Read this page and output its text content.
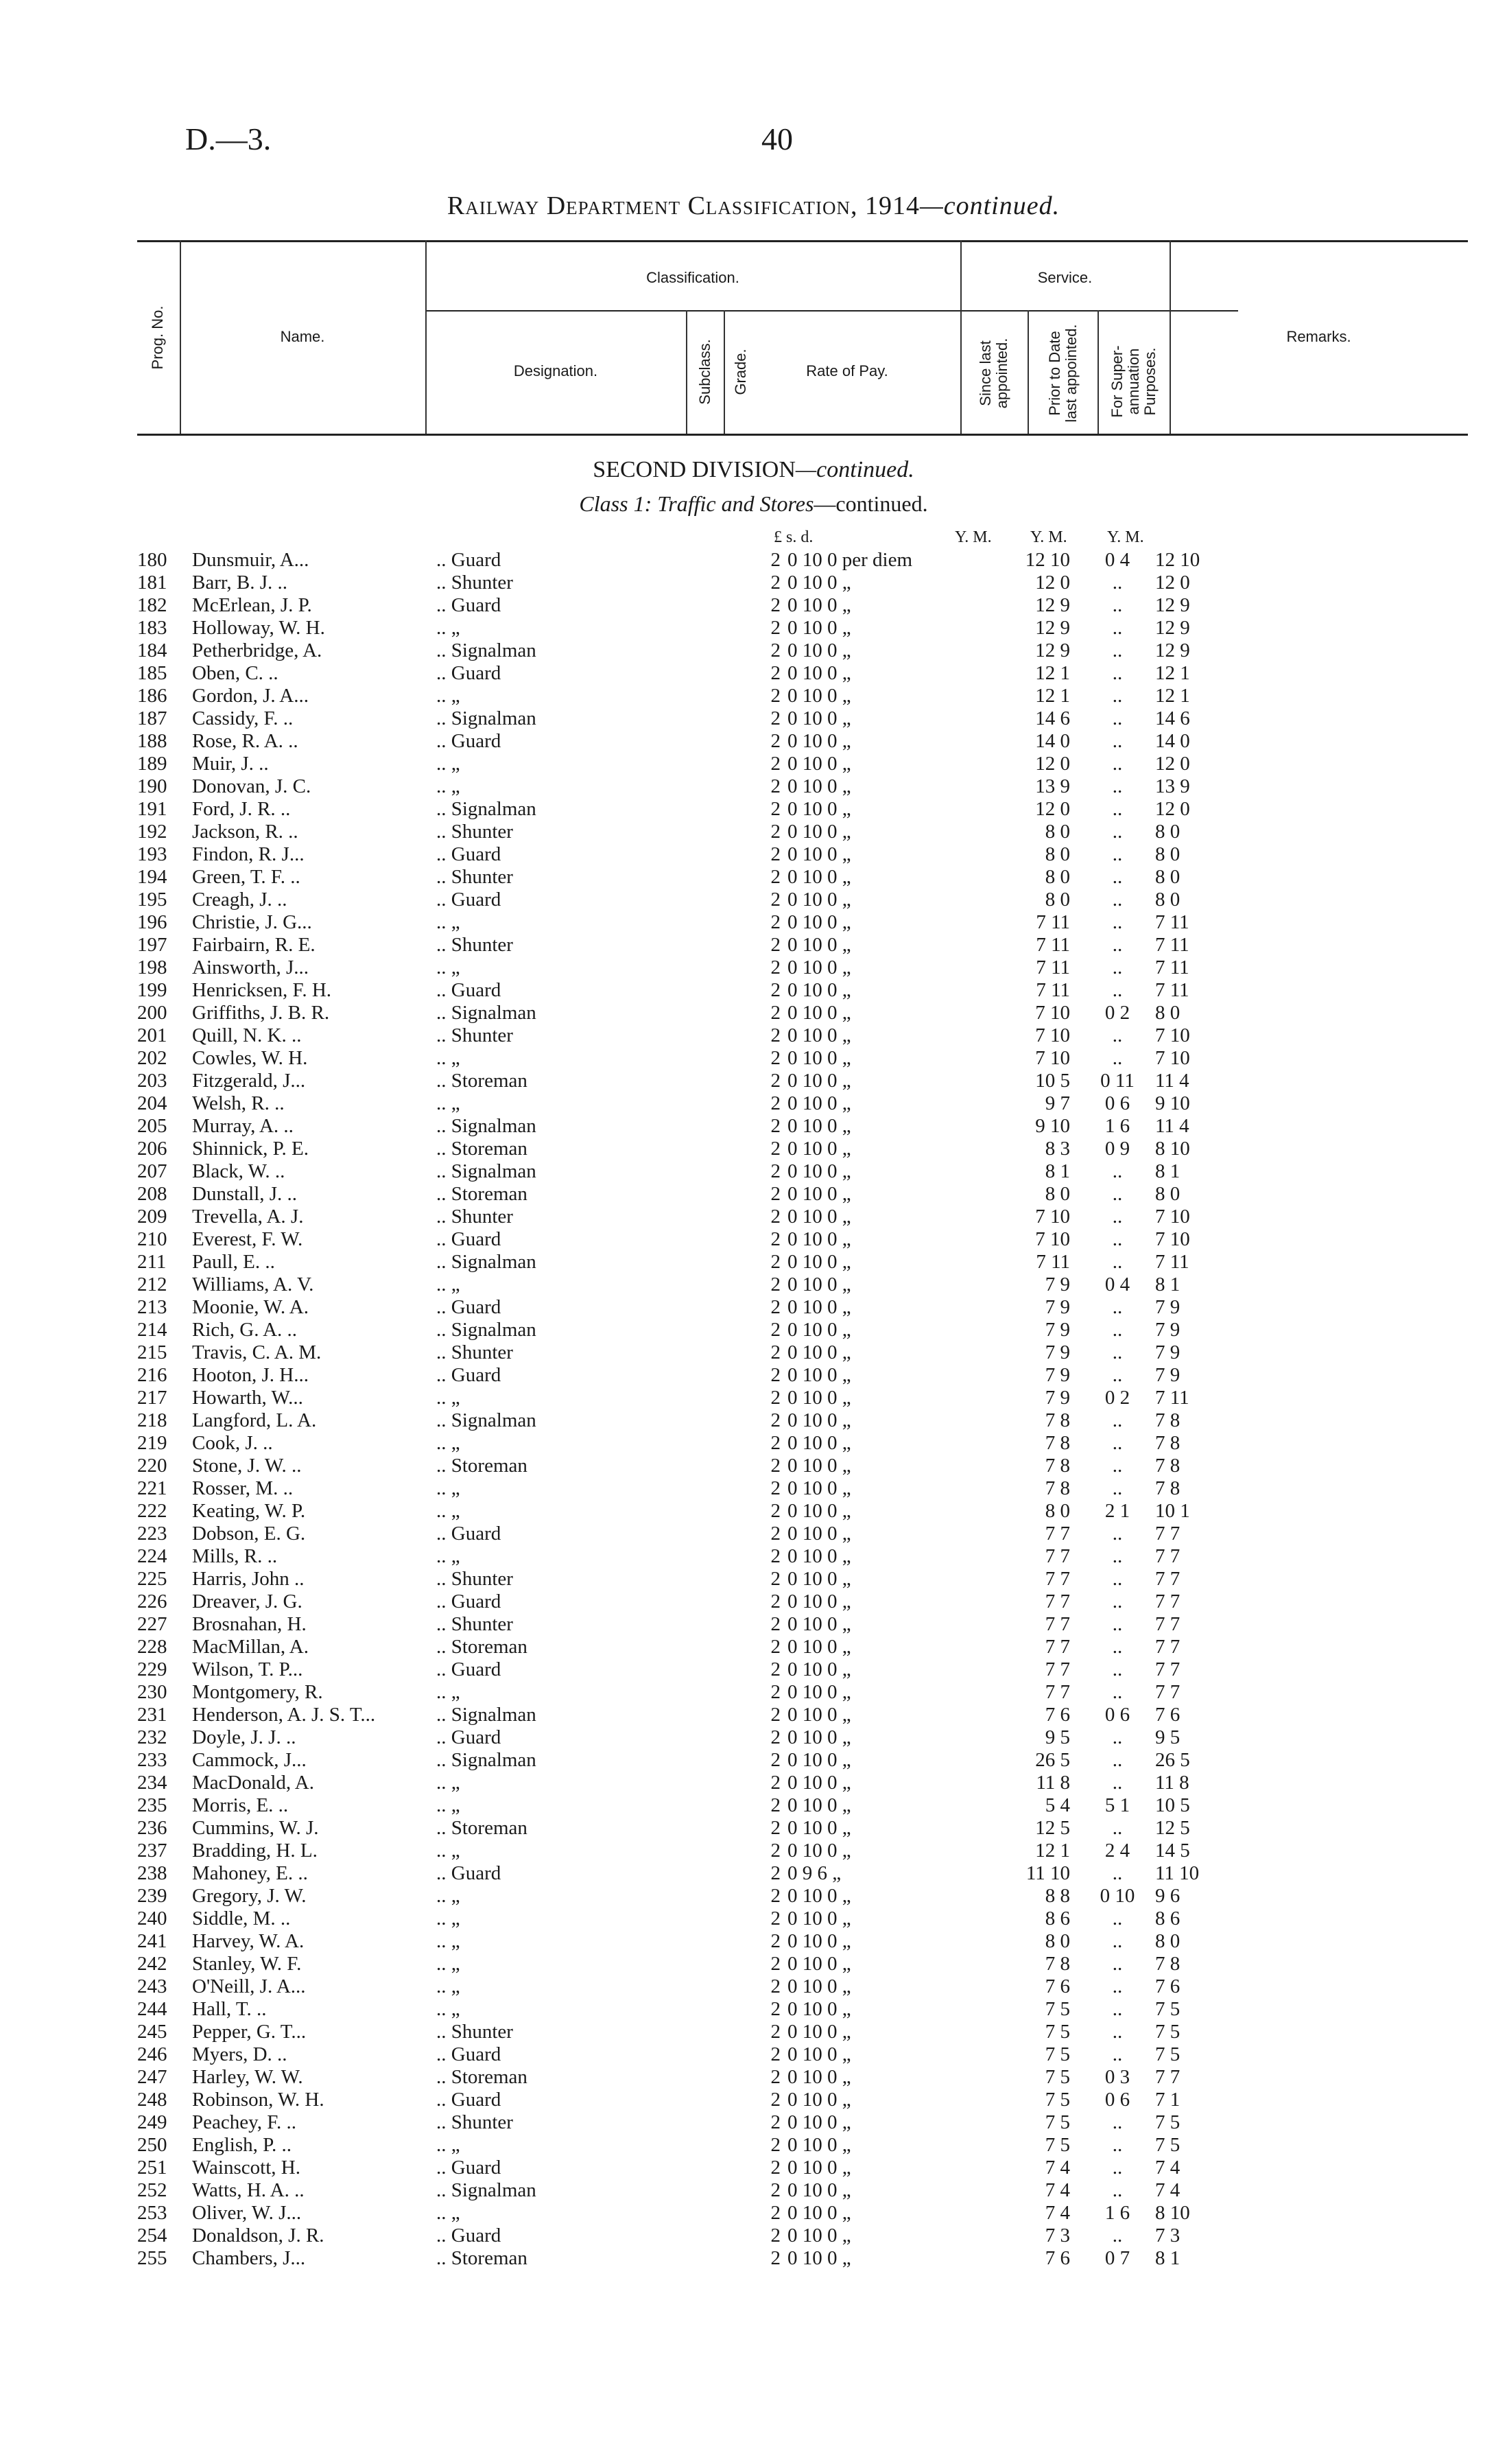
D.—3.	40
Railway Department Classification, 1914—continued.
Prog. No.	Name.
Classification.
Designation.	Subclass. Grade.	Rate of Pay.
Service.
Since last appointed. Prior to Date last appointed. For Super-annuation Purposes.
Remarks.
SECOND DIVISION—continued.
Class 1: Traffic and Stores—continued.
£ s. d.	Y. M. Y. M. Y. M.
180	Dunsmuir, A...	.. Guard	2	0 10 0 per diem	12 10	0 4	12 10
181	Barr, B. J. ..	.. Shunter	2	0 10 0 „	12 0	..	12 0
182	McErlean, J. P.	.. Guard	2	0 10 0 „	12 9	..	12 9
183	Holloway, W. H.	.. „	2	0 10 0 „	12 9	..	12 9
184	Petherbridge, A.	.. Signalman	2	0 10 0 „	12 9	..	12 9
185	Oben, C. ..	.. Guard	2	0 10 0 „	12 1	..	12 1
186	Gordon, J. A...	.. „	2	0 10 0 „	12 1	..	12 1
187	Cassidy, F. ..	.. Signalman	2	0 10 0 „	14 6	..	14 6
188	Rose, R. A. ..	.. Guard	2	0 10 0 „	14 0	..	14 0
189	Muir, J. ..	.. „	2	0 10 0 „	12 0	..	12 0
190	Donovan, J. C.	.. „	2	0 10 0 „	13 9	..	13 9
191	Ford, J. R. ..	.. Signalman	2	0 10 0 „	12 0	..	12 0
192	Jackson, R. ..	.. Shunter	2	0 10 0 „	8 0	..	8 0
193	Findon, R. J...	.. Guard	2	0 10 0 „	8 0	..	8 0
194	Green, T. F. ..	.. Shunter	2	0 10 0 „	8 0	..	8 0
195	Creagh, J. ..	.. Guard	2	0 10 0 „	8 0	..	8 0
196	Christie, J. G...	.. „	2	0 10 0 „	7 11	..	7 11
197	Fairbairn, R. E.	.. Shunter	2	0 10 0 „	7 11	..	7 11
198	Ainsworth, J...	.. „	2	0 10 0 „	7 11	..	7 11
199	Henricksen, F. H.	.. Guard	2	0 10 0 „	7 11	..	7 11
200	Griffiths, J. B. R.	.. Signalman	2	0 10 0 „	7 10	0 2	8 0
201	Quill, N. K. ..	.. Shunter	2	0 10 0 „	7 10	..	7 10
202	Cowles, W. H.	.. „	2	0 10 0 „	7 10	..	7 10
203	Fitzgerald, J...	.. Storeman	2	0 10 0 „	10 5	0 11	11 4
204	Welsh, R. ..	.. „	2	0 10 0 „	9 7	0 6	9 10
205	Murray, A. ..	.. Signalman	2	0 10 0 „	9 10	1 6	11 4
206	Shinnick, P. E.	.. Storeman	2	0 10 0 „	8 3	0 9	8 10
207	Black, W. ..	.. Signalman	2	0 10 0 „	8 1	..	8 1
208	Dunstall, J. ..	.. Storeman	2	0 10 0 „	8 0	..	8 0
209	Trevella, A. J.	.. Shunter	2	0 10 0 „	7 10	..	7 10
210	Everest, F. W.	.. Guard	2	0 10 0 „	7 10	..	7 10
211	Paull, E. ..	.. Signalman	2	0 10 0 „	7 11	..	7 11
212	Williams, A. V.	.. „	2	0 10 0 „	7 9	0 4	8 1
213	Moonie, W. A.	.. Guard	2	0 10 0 „	7 9	..	7 9
214	Rich, G. A. ..	.. Signalman	2	0 10 0 „	7 9	..	7 9
215	Travis, C. A. M.	.. Shunter	2	0 10 0 „	7 9	..	7 9
216	Hooton, J. H...	.. Guard	2	0 10 0 „	7 9	..	7 9
217	Howarth, W...	.. „	2	0 10 0 „	7 9	0 2	7 11
218	Langford, L. A.	.. Signalman	2	0 10 0 „	7 8	..	7 8
219	Cook, J. ..	.. „	2	0 10 0 „	7 8	..	7 8
220	Stone, J. W. ..	.. Storeman	2	0 10 0 „	7 8	..	7 8
221	Rosser, M. ..	.. „	2	0 10 0 „	7 8	..	7 8
222	Keating, W. P.	.. „	2	0 10 0 „	8 0	2 1	10 1
223	Dobson, E. G.	.. Guard	2	0 10 0 „	7 7	..	7 7
224	Mills, R. ..	.. „	2	0 10 0 „	7 7	..	7 7
225	Harris, John ..	.. Shunter	2	0 10 0 „	7 7	..	7 7
226	Dreaver, J. G.	.. Guard	2	0 10 0 „	7 7	..	7 7
227	Brosnahan, H.	.. Shunter	2	0 10 0 „	7 7	..	7 7
228	MacMillan, A.	.. Storeman	2	0 10 0 „	7 7	..	7 7
229	Wilson, T. P...	.. Guard	2	0 10 0 „	7 7	..	7 7
230	Montgomery, R.	.. „	2	0 10 0 „	7 7	..	7 7
231	Henderson, A. J. S. T...	.. Signalman	2	0 10 0 „	7 6	0 6	7 6
232	Doyle, J. J. ..	.. Guard	2	0 10 0 „	9 5	..	9 5
233	Cammock, J...	.. Signalman	2	0 10 0 „	26 5	..	26 5
234	MacDonald, A.	.. „	2	0 10 0 „	11 8	..	11 8
235	Morris, E. ..	.. „	2	0 10 0 „	5 4	5 1	10 5
236	Cummins, W. J.	.. Storeman	2	0 10 0 „	12 5	..	12 5
237	Bradding, H. L.	.. „	2	0 10 0 „	12 1	2 4	14 5
238	Mahoney, E. ..	.. Guard	2	0 9 6 „	11 10	..	11 10
239	Gregory, J. W.	.. „	2	0 10 0 „	8 8	0 10	9 6
240	Siddle, M. ..	.. „	2	0 10 0 „	8 6	..	8 6
241	Harvey, W. A.	.. „	2	0 10 0 „	8 0	..	8 0
242	Stanley, W. F.	.. „	2	0 10 0 „	7 8	..	7 8
243	O'Neill, J. A...	.. „	2	0 10 0 „	7 6	..	7 6
244	Hall, T. ..	.. „	2	0 10 0 „	7 5	..	7 5
245	Pepper, G. T...	.. Shunter	2	0 10 0 „	7 5	..	7 5
246	Myers, D. ..	.. Guard	2	0 10 0 „	7 5	..	7 5
247	Harley, W. W.	.. Storeman	2	0 10 0 „	7 5	0 3	7 7
248	Robinson, W. H.	.. Guard	2	0 10 0 „	7 5	0 6	7 1
249	Peachey, F. ..	.. Shunter	2	0 10 0 „	7 5	..	7 5
250	English, P. ..	.. „	2	0 10 0 „	7 5	..	7 5
251	Wainscott, H.	.. Guard	2	0 10 0 „	7 4	..	7 4
252	Watts, H. A. ..	.. Signalman	2	0 10 0 „	7 4	..	7 4
253	Oliver, W. J...	.. „	2	0 10 0 „	7 4	1 6	8 10
254	Donaldson, J. R.	.. Guard	2	0 10 0 „	7 3	..	7 3
255	Chambers, J...	.. Storeman	2	0 10 0 „	7 6	0 7	8 1
